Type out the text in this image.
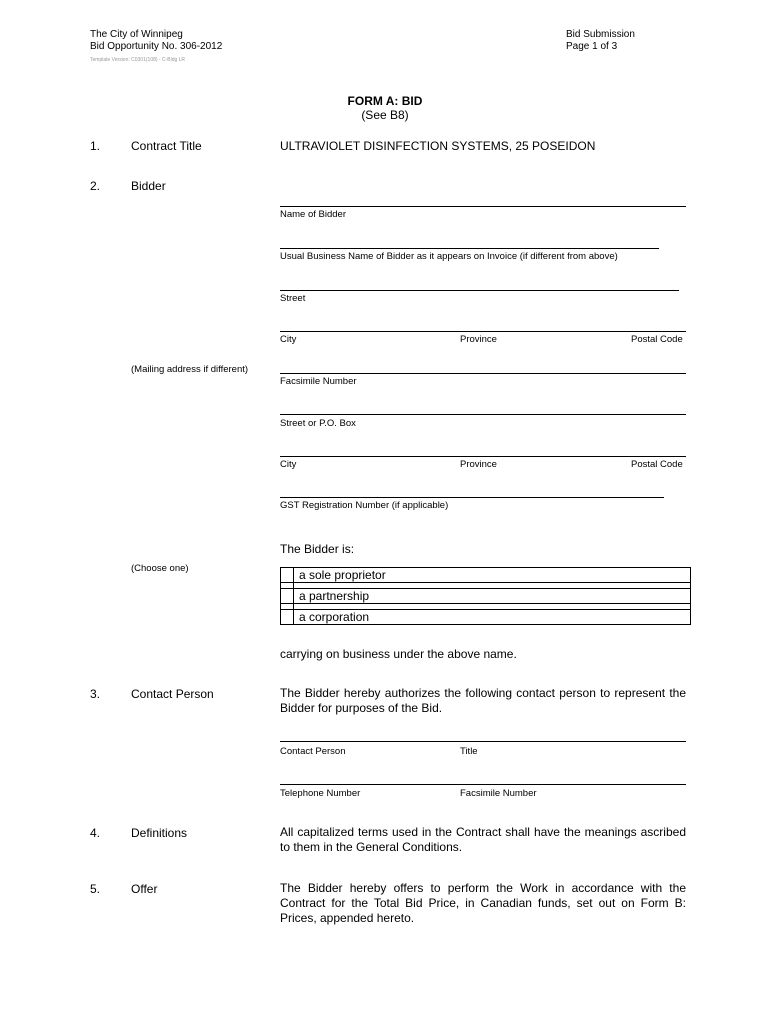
The City of Winnipeg
Bid Opportunity No. 306-2012
Template Version: C0301(108) - C-Bldg LR
Bid Submission
Page 1 of 3
FORM A: BID
(See B8)
1.	Contract Title	ULTRAVIOLET DISINFECTION SYSTEMS, 25 POSEIDON
2.	Bidder
Name of Bidder
Usual Business Name of Bidder as it appears on Invoice (if different from above)
Street
City	Province	Postal Code
(Mailing address if different)
Facsimile Number
Street or P.O. Box
City	Province	Postal Code
GST Registration Number (if applicable)
The Bidder is:
(Choose one)
		a sole proprietor

	a partnership

	a corporation
carrying on business under the above name.
3.	Contact Person	The Bidder hereby authorizes the following contact person to represent the Bidder for purposes of the Bid.
Contact Person	Title
Telephone Number	Facsimile Number
4.	Definitions	All capitalized terms used in the Contract shall have the meanings ascribed to them in the General Conditions.
5.	Offer	The Bidder hereby offers to perform the Work in accordance with the Contract for the Total Bid Price, in Canadian funds, set out on Form B: Prices, appended hereto.
